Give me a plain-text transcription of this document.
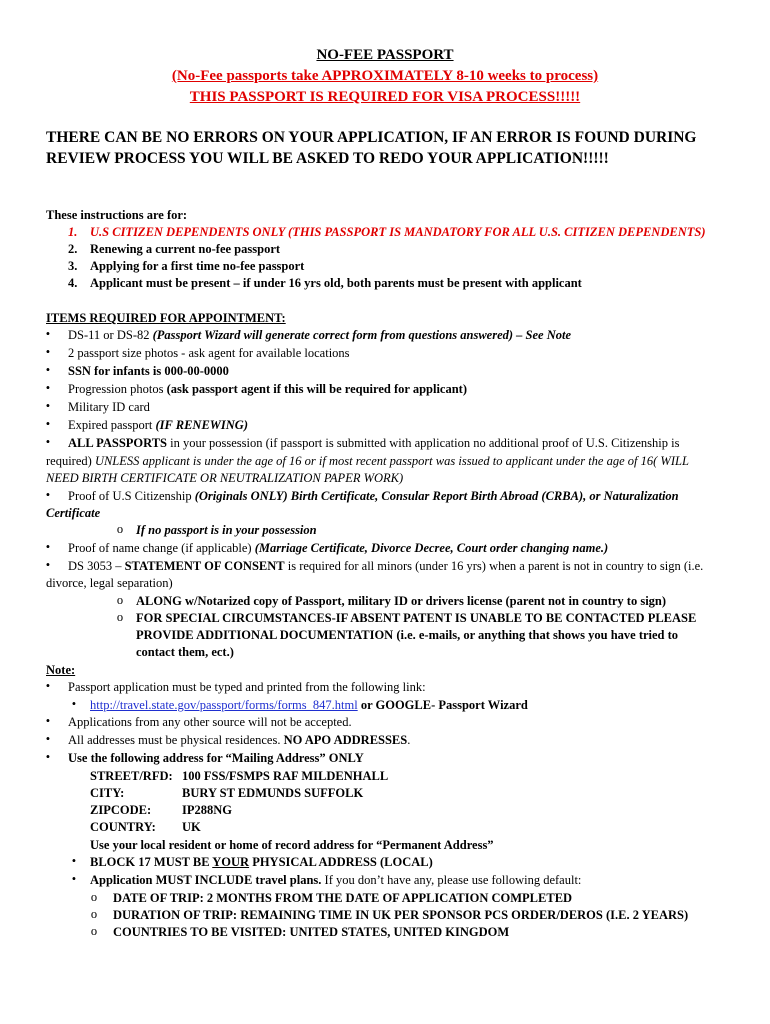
NO-FEE PASSPORT
(No-Fee passports take APPROXIMATELY 8-10 weeks to process)
THIS PASSPORT IS REQUIRED FOR VISA PROCESS!!!!!
THERE CAN BE NO ERRORS ON YOUR APPLICATION, IF AN ERROR IS FOUND DURING REVIEW PROCESS YOU WILL BE ASKED TO REDO YOUR APPLICATION!!!!!
These instructions are for:
1. U.S CITIZEN DEPENDENTS ONLY (THIS PASSPORT IS MANDATORY FOR ALL U.S. CITIZEN DEPENDENTS)
2. Renewing a current no-fee passport
3. Applying for a first time no-fee passport
4. Applicant must be present – if under 16 yrs old, both parents must be present with applicant
ITEMS REQUIRED FOR APPOINTMENT:
•
DS-11 or DS-82 (Passport Wizard will generate correct form from questions answered) – See Note
•
2 passport size photos - ask agent for available locations
•
SSN for infants is 000-00-0000
•
Progression photos (ask passport agent if this will be required for applicant)
•
Military ID card
•
Expired passport (IF RENEWING)
•
ALL PASSPORTS in your possession (if passport is submitted with application no additional proof of U.S. Citizenship is
required) UNLESS applicant is under the age of 16 or if most recent passport was issued to applicant under the age of 16( WILL
NEED BIRTH CERTIFICATE OR NEUTRALIZATION PAPER WORK)
•
Proof of U.S Citizenship (Originals ONLY) Birth Certificate, Consular Report Birth Abroad (CRBA), or Naturalization
Certificate
o
If no passport is in your possession
•
Proof of name change (if applicable) (Marriage Certificate, Divorce Decree, Court order changing name.)
•
DS 3053 – STATEMENT OF CONSENT is required for all minors (under 16 yrs) when a parent is not in country to sign (i.e.
divorce, legal separation)
o
ALONG w/Notarized copy of Passport, military ID or drivers license (parent not in country to sign)
o
FOR SPECIAL CIRCUMSTANCES-IF ABSENT PATENT IS UNABLE TO BE CONTACTED PLEASE
PROVIDE ADDITIONAL DOCUMENTATION (i.e. e-mails, or anything that shows you have tried to
contact them, ect.)
Note:
•
Passport application must be typed and printed from the following link:
•
http://travel.state.gov/passport/forms/forms_847.html or GOOGLE- Passport Wizard
•
Applications from any other source will not be accepted.
•
All addresses must be physical residences. NO APO ADDRESSES.
•
Use the following address for “Mailing Address” ONLY
STREET/RFD: 100 FSS/FSMPS RAF MILDENHALL
CITY:	BURY ST EDMUNDS SUFFOLK
ZIPCODE: IP288NG
COUNTRY: UK
Use your local resident or home of record address for “Permanent Address”
•
BLOCK 17 MUST BE YOUR PHYSICAL ADDRESS (LOCAL)
•
Application MUST INCLUDE travel plans. If you don’t have any, please use following default:
o
DATE OF TRIP: 2 MONTHS FROM THE DATE OF APPLICATION COMPLETED
o
DURATION OF TRIP: REMAINING TIME IN UK PER SPONSOR PCS ORDER/DEROS (I.E. 2 YEARS)
o
COUNTRIES TO BE VISITED: UNITED STATES, UNITED KINGDOM
